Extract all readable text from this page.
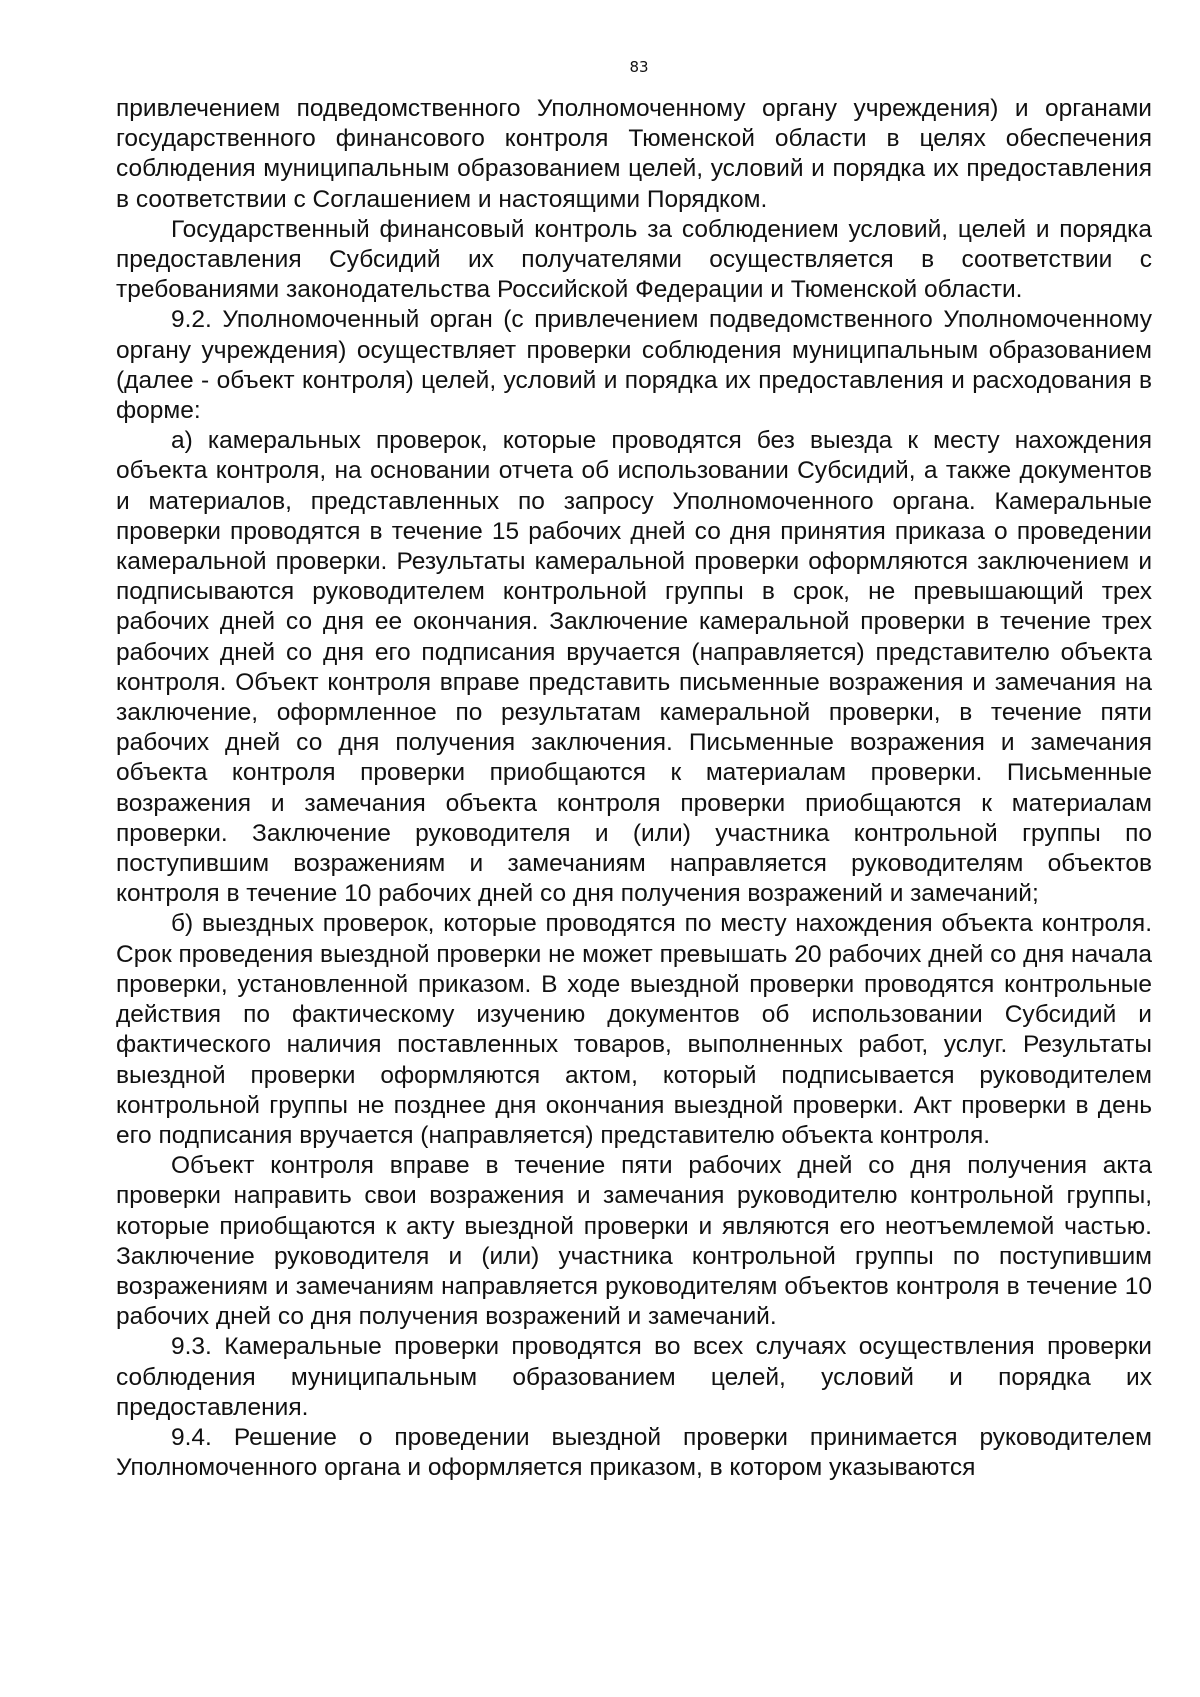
83

привлечением подведомственного Уполномоченному органу учреждения) и органами государственного финансового контроля Тюменской области в целях обеспечения соблюдения муниципальным образованием целей, условий и порядка их предоставления в соответствии с Соглашением и настоящими Порядком.

Государственный финансовый контроль за соблюдением условий, целей и порядка предоставления Субсидий их получателями осуществляется в соответствии с требованиями законодательства Российской Федерации и Тюменской области.

9.2. Уполномоченный орган (с привлечением подведомственного Уполномоченному органу учреждения) осуществляет проверки соблюдения муниципальным образованием (далее - объект контроля) целей, условий и порядка их предоставления и расходования в форме:

а) камеральных проверок, которые проводятся без выезда к месту нахождения объекта контроля, на основании отчета об использовании Субсидий, а также документов и материалов, представленных по запросу Уполномоченного органа. Камеральные проверки проводятся в течение 15 рабочих дней со дня принятия приказа о проведении камеральной проверки. Результаты камеральной проверки оформляются заключением и подписываются руководителем контрольной группы в срок, не превышающий трех рабочих дней со дня ее окончания. Заключение камеральной проверки в течение трех рабочих дней со дня его подписания вручается (направляется) представителю объекта контроля. Объект контроля вправе представить письменные возражения и замечания на заключение, оформленное по результатам камеральной проверки, в течение пяти рабочих дней со дня получения заключения. Письменные возражения и замечания объекта контроля проверки приобщаются к материалам проверки. Письменные возражения и замечания объекта контроля проверки приобщаются к материалам проверки. Заключение руководителя и (или) участника контрольной группы по поступившим возражениям и замечаниям направляется руководителям объектов контроля в течение 10 рабочих дней со дня получения возражений и замечаний;

б) выездных проверок, которые проводятся по месту нахождения объекта контроля. Срок проведения выездной проверки не может превышать 20 рабочих дней со дня начала проверки, установленной приказом. В ходе выездной проверки проводятся контрольные действия по фактическому изучению документов об использовании Субсидий и фактического наличия поставленных товаров, выполненных работ, услуг. Результаты выездной проверки оформляются актом, который подписывается руководителем контрольной группы не позднее дня окончания выездной проверки. Акт проверки в день его подписания вручается (направляется) представителю объекта контроля.

Объект контроля вправе в течение пяти рабочих дней со дня получения акта проверки направить свои возражения и замечания руководителю контрольной группы, которые приобщаются к акту выездной проверки и являются его неотъемлемой частью. Заключение руководителя и (или) участника контрольной группы по поступившим возражениям и замечаниям направляется руководителям объектов контроля в течение 10 рабочих дней со дня получения возражений и замечаний.

9.3. Камеральные проверки проводятся во всех случаях осуществления проверки соблюдения муниципальным образованием целей, условий и порядка их предоставления.

9.4. Решение о проведении выездной проверки принимается руководителем Уполномоченного органа и оформляется приказом, в котором указываются
